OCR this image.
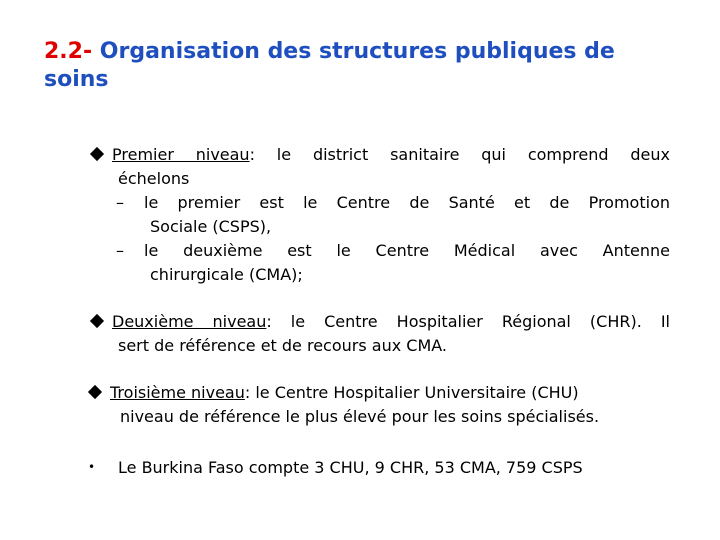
2.2- Organisation des structures publiques de soins
Premier niveau: le district sanitaire qui comprend deux
échelons
– le premier est le Centre de Santé et de Promotion
Sociale (CSPS),
– le deuxième est le Centre Médical avec Antenne
chirurgicale (CMA);
Deuxième niveau: le Centre Hospitalier Régional (CHR). Il
sert de référence et de recours aux CMA.
Troisième niveau: le Centre Hospitalier Universitaire (CHU)
niveau de référence le plus élevé pour les soins spécialisés.
• Le Burkina Faso compte 3 CHU, 9 CHR, 53 CMA, 759 CSPS
